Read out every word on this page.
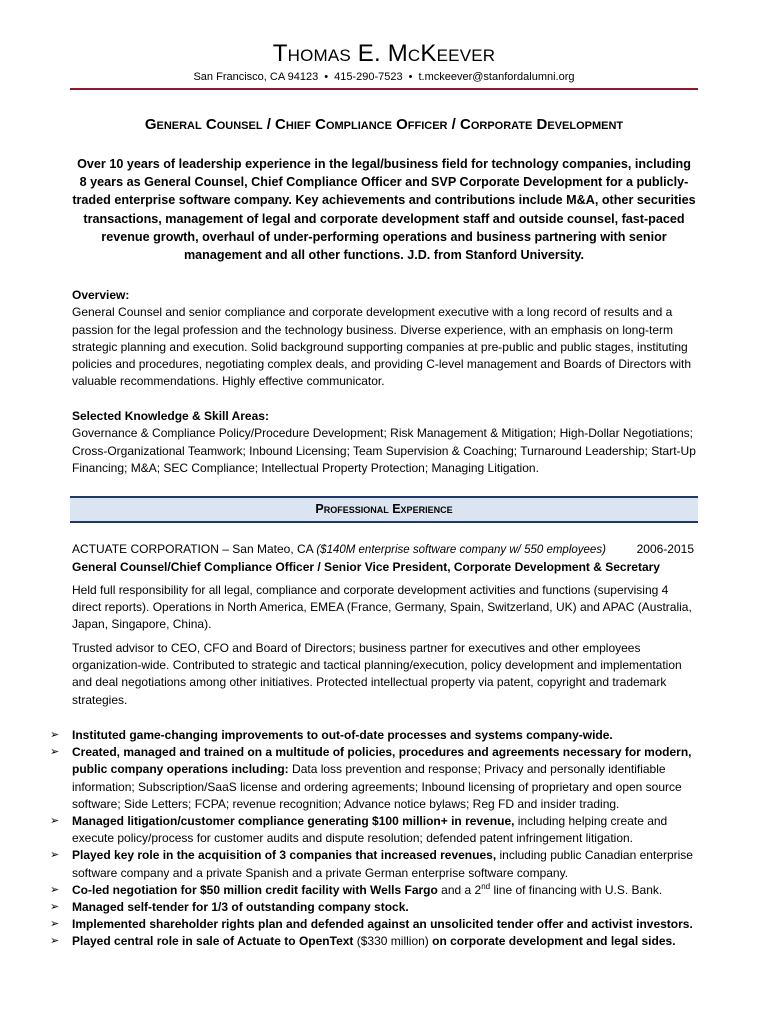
Thomas E. McKeever
San Francisco, CA 94123 • 415-290-7523 • t.mckeever@stanfordalumni.org
General Counsel / Chief Compliance Officer / Corporate Development
Over 10 years of leadership experience in the legal/business field for technology companies, including 8 years as General Counsel, Chief Compliance Officer and SVP Corporate Development for a publicly-traded enterprise software company. Key achievements and contributions include M&A, other securities transactions, management of legal and corporate development staff and outside counsel, fast-paced revenue growth, overhaul of under-performing operations and business partnering with senior management and all other functions. J.D. from Stanford University.
Overview:
General Counsel and senior compliance and corporate development executive with a long record of results and a passion for the legal profession and the technology business. Diverse experience, with an emphasis on long-term strategic planning and execution. Solid background supporting companies at pre-public and public stages, instituting policies and procedures, negotiating complex deals, and providing C-level management and Boards of Directors with valuable recommendations. Highly effective communicator.
Selected Knowledge & Skill Areas:
Governance & Compliance Policy/Procedure Development; Risk Management & Mitigation; High-Dollar Negotiations; Cross-Organizational Teamwork; Inbound Licensing; Team Supervision & Coaching; Turnaround Leadership; Start-Up Financing; M&A; SEC Compliance; Intellectual Property Protection; Managing Litigation.
Professional Experience
ACTUATE CORPORATION – San Mateo, CA ($140M enterprise software company w/ 550 employees)	2006-2015
General Counsel/Chief Compliance Officer / Senior Vice President, Corporate Development & Secretary
Held full responsibility for all legal, compliance and corporate development activities and functions (supervising 4 direct reports). Operations in North America, EMEA (France, Germany, Spain, Switzerland, UK) and APAC (Australia, Japan, Singapore, China).
Trusted advisor to CEO, CFO and Board of Directors; business partner for executives and other employees organization-wide. Contributed to strategic and tactical planning/execution, policy development and implementation and deal negotiations among other initiatives. Protected intellectual property via patent, copyright and trademark strategies.
➢ Instituted game-changing improvements to out-of-date processes and systems company-wide.
➢ Created, managed and trained on a multitude of policies, procedures and agreements necessary for modern, public company operations including: Data loss prevention and response; Privacy and personally identifiable information; Subscription/SaaS license and ordering agreements; Inbound licensing of proprietary and open source software; Side Letters; FCPA; revenue recognition; Advance notice bylaws; Reg FD and insider trading.
➢ Managed litigation/customer compliance generating $100 million+ in revenue, including helping create and execute policy/process for customer audits and dispute resolution; defended patent infringement litigation.
➢ Played key role in the acquisition of 3 companies that increased revenues, including public Canadian enterprise software company and a private Spanish and a private German enterprise software company.
➢ Co-led negotiation for $50 million credit facility with Wells Fargo and a 2nd line of financing with U.S. Bank.
➢ Managed self-tender for 1/3 of outstanding company stock.
➢ Implemented shareholder rights plan and defended against an unsolicited tender offer and activist investors.
➢ Played central role in sale of Actuate to OpenText ($330 million) on corporate development and legal sides.
